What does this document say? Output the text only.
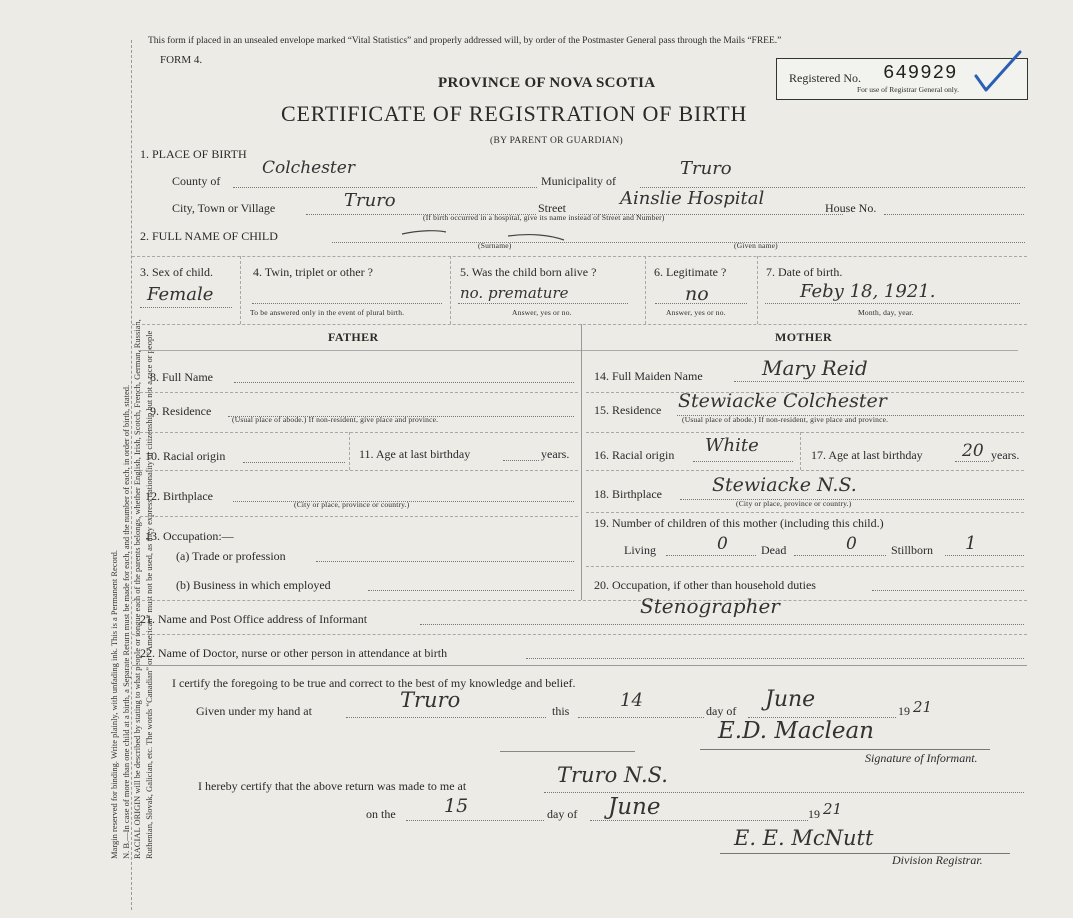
Margin reserved for binding. Write plainly, with unfading ink. This is a Permanent Record. N. B.—In case of more than one child at a birth, a Separate Return must be made for each, and the number of each, in order of birth, stated. RACIAL ORIGIN will be described by stating to what people or tongue each of the parents belongs, whether English, Irish, Scotch, French, German, Russian, Ruthenian, Slovak, Galician, etc. The words “Canadian” or “American” must not be used, as they express nationality or citizenship but not a race or people
This form if placed in an unsealed envelope marked “Vital Statistics” and properly addressed will, by order of the Postmaster General pass through the Mails “FREE.”
FORM 4.
PROVINCE OF NOVA SCOTIA
CERTIFICATE OF REGISTRATION OF BIRTH
(BY PARENT OR GUARDIAN)
Registered No. 649929
For use of Registrar General only.
1. PLACE OF BIRTH
County of
Colchester
Municipality of
Truro
City, Town or Village	Truro	Street	Ainslie Hospital	House No.
(If birth occurred in a hospital, give its name instead of Street and Number)
2. FULL NAME OF CHILD
(Surname)	(Given name)
3. Sex of child.
Female
4. Twin, triplet or other ?
To be answered only in the event of plural birth.
5. Was the child born alive ?
no. premature
Answer, yes or no.
6. Legitimate ?
no
Answer, yes or no.
7. Date of birth.
Feby 18, 1921.
Month, day, year.
FATHER	MOTHER
8. Full Name
9. Residence
(Usual place of abode.) If non-resident, give place and province.
10. Racial origin	11. Age at last birthday	years.
12. Birthplace
(City or place, province or country.)
13. Occupation:—
(a) Trade or profession
(b) Business in which employed
14. Full Maiden Name	Mary Reid
15. Residence Stewiacke Colchester
(Usual place of abode.) If non-resident, give place and province.
16. Racial origin White	17. Age at last birthday 20 years.
18. Birthplace	Stewiacke N.S.
(City or place, province or country.)
19. Number of children of this mother (including this child.)
Living	0	Dead	0	Stillborn 1
20. Occupation, if other than household duties
21. Name and Post Office address of Informant
Stenographer
22. Name of Doctor, nurse or other person in attendance at birth
I certify the foregoing to be true and correct to the best of my knowledge and belief.
Given under my hand at	Truro	this	14	day of June	19 21
E.D. Maclean
Signature of Informant.
I hereby certify that the above return was made to me at	Truro N.S.
on the	15	day of June	19 21
E. E. McNutt
Division Registrar.
